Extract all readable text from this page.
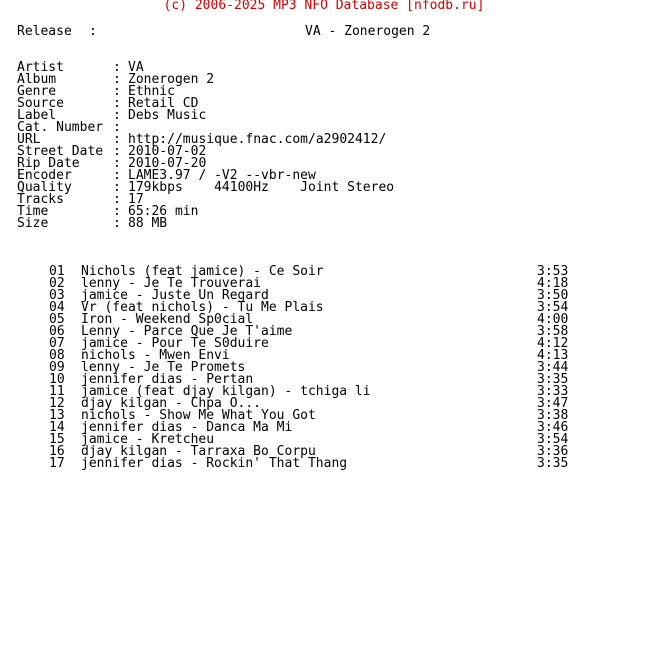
(c) 2006-2025 MP3 NFO Database [nfodb.ru]
Release :	VA - Zonerogen 2
Artist	: VA
Album	: Zonerogen 2
Genre	: Ethnic
Source	: Retail CD
Label	: Debs Music
Cat. Number :
URL	: http://musique.fnac.com/a2902412/
Street Date : 2010-07-02
Rip Date	: 2010-07-20
Encoder	: LAME3.97 / -V2 --vbr-new
Quality	: 179kbps    44100Hz    Joint Stereo
Tracks	: 17
Time	: 65:26 min
Size	: 88 MB
01 Nichols (feat jamice) - Ce Soir	3:53
02 lenny - Je Te Trouverai	4:18
03 jamice - Juste Un Regard	3:50
04 Vr (feat nichols) - Tu Me Plais	3:54
05 Iron - Weekend Sp0cial	4:00
06 Lenny - Parce Que Je T'aime	3:58
07 jamice - Pour Te S0duire	4:12
08 nichols - Mwen Envi	4:13
09 lenny - Je Te Promets	3:44
10 jennifer dias - Pertan	3:35
11 jamice (feat djay kilgan) - tchiga li	3:33
12 djay kilgan - Chpa O...	3:47
13 nichols - Show Me What You Got	3:38
14 jennifer dias - Danca Ma Mi	3:46
15 jamice - Kretcheu	3:54
16 djay kilgan - Tarraxa Bo Corpu	3:36
17 jennifer dias - Rockin' That Thang	3:35
